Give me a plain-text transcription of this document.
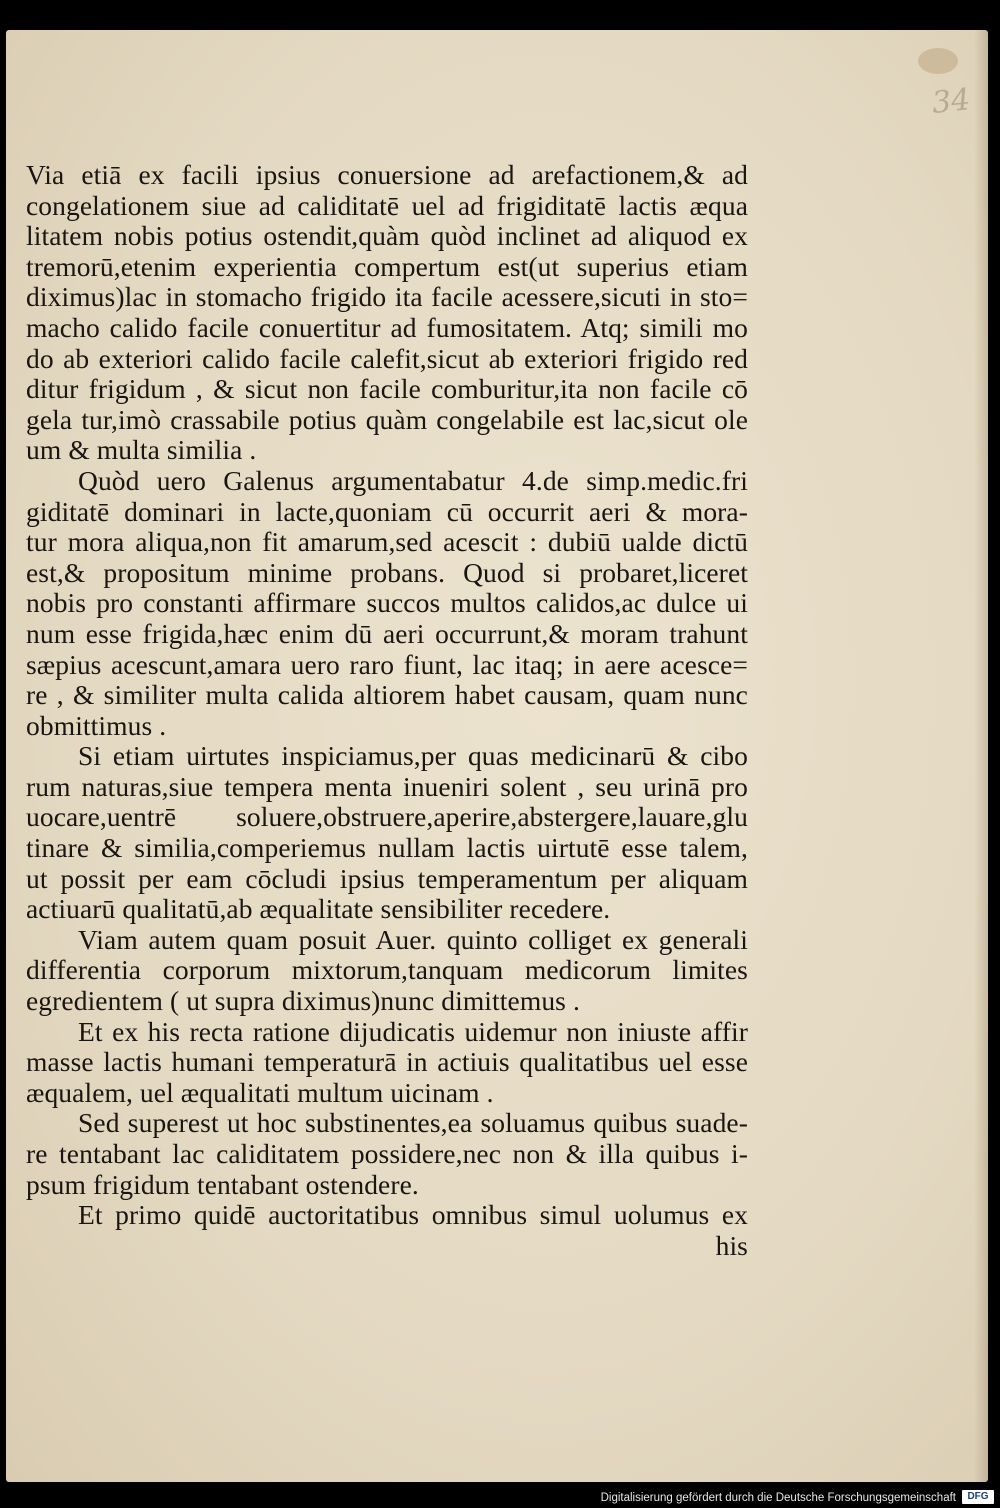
34
Via etiā ex facili ipsius conuersione ad arefactionem,& ad
congelationem siue ad caliditatē uel ad frigiditatē lactis æqua
litatem nobis potius ostendit,quàm quòd inclinet ad aliquod ex
tremorū,etenim experientia compertum est(ut superius etiam
diximus)lac in stomacho frigido ita facile acessere,sicuti in sto=
macho calido facile conuertitur ad fumositatem. Atq; simili mo
do ab exteriori calido facile calefit,sicut ab exteriori frigido red
ditur frigidum , & sicut non facile comburitur,ita non facile cō
gela tur,imò crassabile potius quàm congelabile est lac,sicut ole
um & multa similia .
Quòd uero Galenus argumentabatur 4.de simp.medic.fri
giditatē dominari in lacte,quoniam cū occurrit aeri & mora-
tur mora aliqua,non fit amarum,sed acescit : dubiū ualde dictū
est,& propositum minime probans. Quod si probaret,liceret
nobis pro constanti affirmare succos multos calidos,ac dulce ui
num esse frigida,hæc enim dū aeri occurrunt,& moram trahunt
sæpius acescunt,amara uero raro fiunt, lac itaq; in aere acesce=
re , & similiter multa calida altiorem habet causam, quam nunc
obmittimus .
Si etiam uirtutes inspiciamus,per quas medicinarū & cibo
rum naturas,siue tempera menta inueniri solent , seu urinā pro
uocare,uentrē soluere,obstruere,aperire,abstergere,lauare,glu
tinare & similia,comperiemus nullam lactis uirtutē esse talem,
ut possit per eam cōcludi ipsius temperamentum per aliquam
actiuarū qualitatū,ab æqualitate sensibiliter recedere.
Viam autem quam posuit Auer. quinto colliget ex generali
differentia corporum mixtorum,tanquam medicorum limites
egredientem ( ut supra diximus)nunc dimittemus .
Et ex his recta ratione dijudicatis uidemur non iniuste affir
masse lactis humani temperaturā in actiuis qualitatibus uel esse
æqualem, uel æqualitati multum uicinam .
Sed superest ut hoc substinentes,ea soluamus quibus suade-
re tentabant lac caliditatem possidere,nec non & illa quibus i-
psum frigidum tentabant ostendere.
Et primo quidē auctoritatibus omnibus simul uolumus ex
his
Digitalisierung gefördert durch die Deutsche Forschungsgemeinschaft	DFG
